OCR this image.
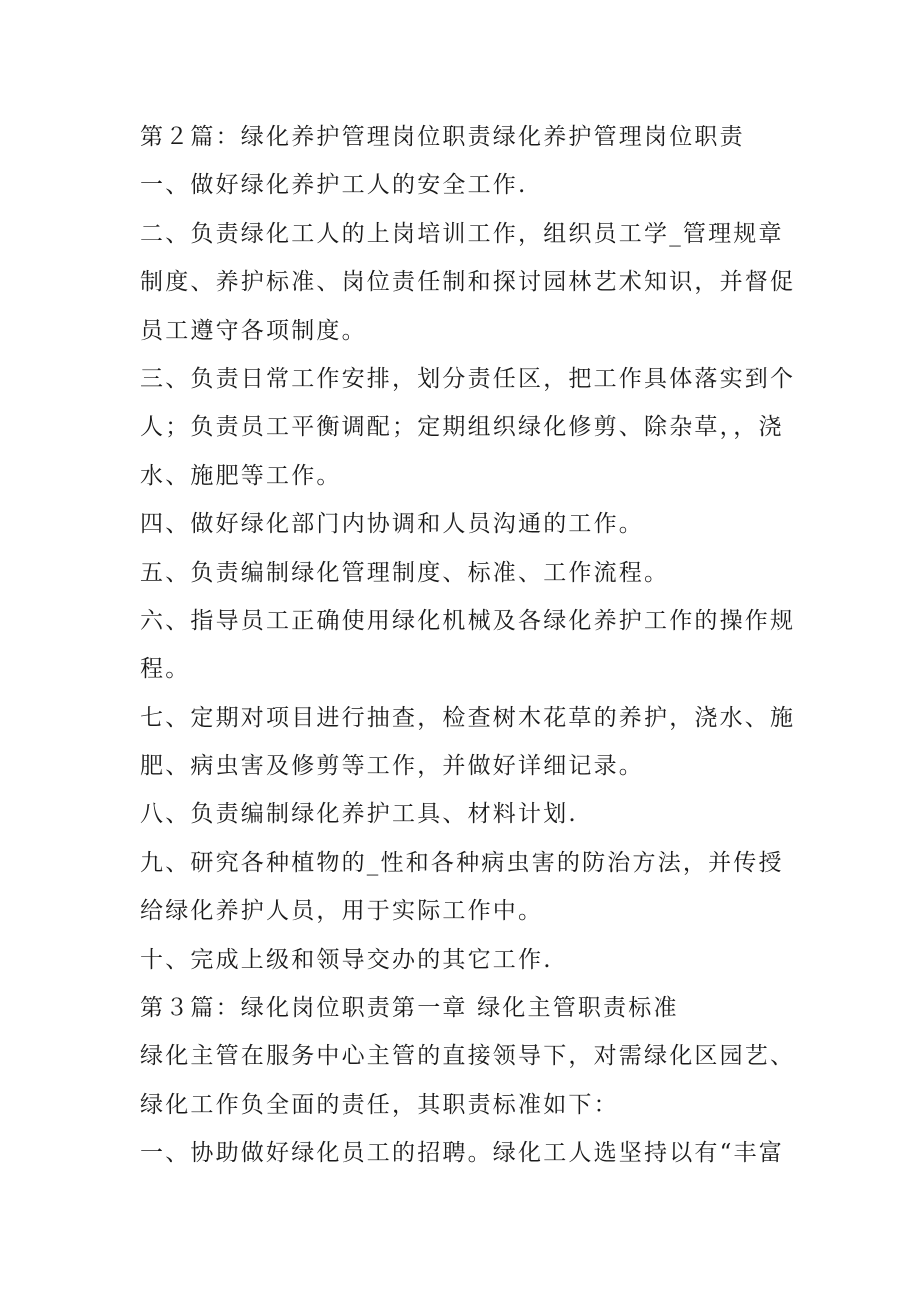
第２篇：绿化养护管理岗位职责绿化养护管理岗位职责
一、做好绿化养护工人的安全工作.
二、负责绿化工人的上岗培训工作，组织员工学_管理规章
制度、养护标准、岗位责任制和探讨园林艺术知识，并督促
员工遵守各项制度。
三、负责日常工作安排，划分责任区，把工作具体落实到个
人；负责员工平衡调配；定期组织绿化修剪、除杂草，，浇
水、施肥等工作。
四、做好绿化部门内协调和人员沟通的工作。
五、负责编制绿化管理制度、标准、工作流程。
六、指导员工正确使用绿化机械及各绿化养护工作的操作规
程。
七、定期对项目进行抽查，检查树木花草的养护，浇水、施
肥、病虫害及修剪等工作，并做好详细记录。
八、负责编制绿化养护工具、材料计划.
九、研究各种植物的_性和各种病虫害的防治方法，并传授
给绿化养护人员，用于实际工作中。
十、完成上级和领导交办的其它工作.
第３篇：绿化岗位职责第一章 绿化主管职责标准
绿化主管在服务中心主管的直接领导下，对需绿化区园艺、
绿化工作负全面的责任，其职责标准如下：
一、协助做好绿化员工的招聘。绿化工人选坚持以有“丰富
